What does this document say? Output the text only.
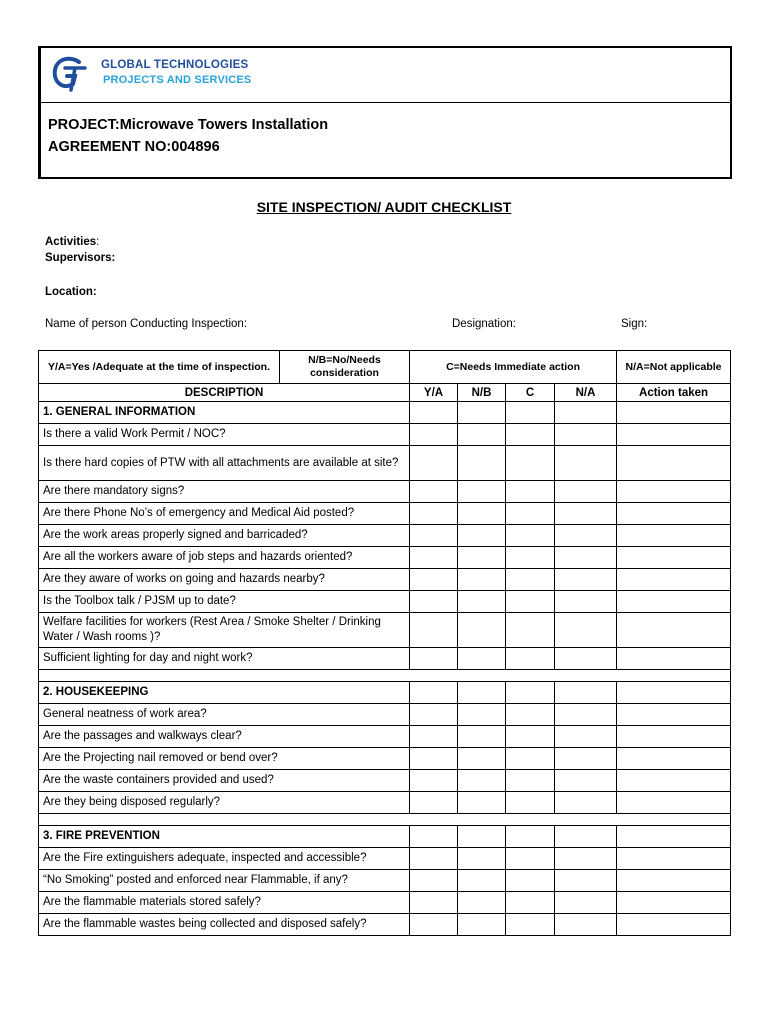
GLOBAL TECHNOLOGIES
PROJECTS AND SERVICES
PROJECT:Microwave Towers Installation
AGREEMENT NO:004896
SITE INSPECTION/ AUDIT CHECKLIST
Activities:
Supervisors:
Location:
Name of person Conducting Inspection:	Designation:	Sign:
Y/A=Yes /Adequate at the time of inspection.	N/B=No/Needs consideration	C=Needs Immediate action				N/A=Not applicable
DESCRIPTION		Y/A	N/B	C	N/A	Action taken
1. GENERAL INFORMATION						
Is there a valid Work Permit / NOC?						
Is there hard copies of PTW with all attachments are available at site?						
Are there mandatory signs?						
Are there Phone No’s of emergency and Medical Aid posted?						
Are the work areas properly signed and barricaded?						
Are all the workers aware of job steps and hazards oriented?						
Are they aware of works on going and hazards nearby?						
Is the Toolbox talk / PJSM up to date?						
Welfare facilities for workers (Rest Area / Smoke Shelter / Drinking Water / Wash rooms )?						
Sufficient lighting for day and night work?						

2. HOUSEKEEPING						
General neatness of work area?						
Are the passages and walkways clear?						
Are the Projecting nail removed or bend over?						
Are the waste containers provided and used?						
Are they being disposed regularly?						

3. FIRE PREVENTION						
Are the Fire extinguishers adequate, inspected and accessible?						
“No Smoking” posted and enforced near Flammable, if any?						
Are the flammable materials stored safely?						
Are the flammable wastes being collected and disposed safely?						
